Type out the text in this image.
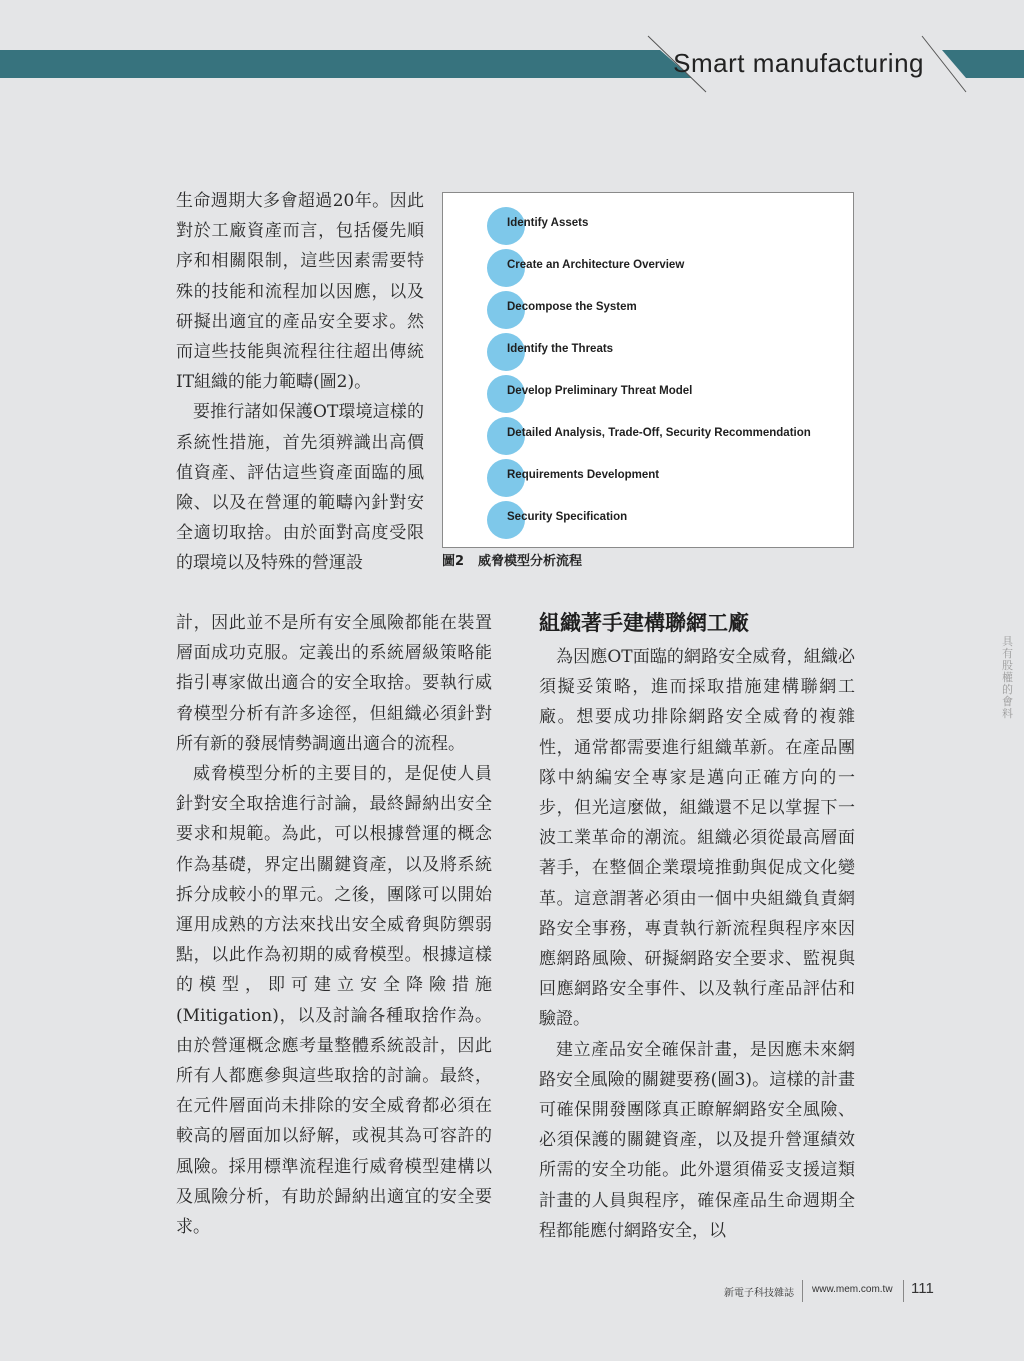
Smart manufacturing

生命週期大多會超過20年。因此對於工廠資產而言，包括優先順序和相關限制，這些因素需要特殊的技能和流程加以因應，以及研擬出適宜的產品安全要求。然而這些技能與流程往往超出傳統IT組織的能力範疇(圖2)。

要推行諸如保護OT環境這樣的系統性措施，首先須辨識出高價值資產、評估這些資產面臨的風險、以及在營運的範疇內針對安全適切取捨。由於面對高度受限的環境以及特殊的營運設

Identify Assets
Create an Architecture Overview
Decompose the System
Identify the Threats
Develop Preliminary Threat Model
Detailed Analysis, Trade-Off, Security Recommendation
Requirements Development
Security Specification
圖2 威脅模型分析流程

計，因此並不是所有安全風險都能在裝置層面成功克服。定義出的系統層級策略能指引專家做出適合的安全取捨。要執行威脅模型分析有許多途徑，但組織必須針對所有新的發展情勢調適出適合的流程。

威脅模型分析的主要目的，是促使人員針對安全取捨進行討論，最終歸納出安全要求和規範。為此，可以根據營運的概念作為基礎，界定出關鍵資產，以及將系統拆分成較小的單元。之後，團隊可以開始運用成熟的方法來找出安全威脅與防禦弱點，以此作為初期的威脅模型。根據這樣的模型，即可建立安全降險措施(Mitigation)，以及討論各種取捨作為。由於營運概念應考量整體系統設計，因此所有人都應參與這些取捨的討論。最終，在元件層面尚未排除的安全威脅都必須在較高的層面加以紓解，或視其為可容許的風險。採用標準流程進行威脅模型建構以及風險分析，有助於歸納出適宜的安全要求。

組織著手建構聯網工廠

為因應OT面臨的網路安全威脅，組織必須擬妥策略，進而採取措施建構聯網工廠。想要成功排除網路安全威脅的複雜性，通常都需要進行組織革新。在產品團隊中納編安全專家是邁向正確方向的一步，但光這麼做，組織還不足以掌握下一波工業革命的潮流。組織必須從最高層面著手，在整個企業環境推動與促成文化變革。這意謂著必須由一個中央組織負責網路安全事務，專責執行新流程與程序來因應網路風險、研擬網路安全要求、監視與回應網路安全事件、以及執行產品評估和驗證。

建立產品安全確保計畫，是因應未來網路安全風險的關鍵要務(圖3)。這樣的計畫可確保開發團隊真正瞭解網路安全風險、必須保護的關鍵資產，以及提升營運績效所需的安全功能。此外還須備妥支援這類計畫的人員與程序，確保產品生命週期全程都能應付網路安全，以

具有股權的會料
新電子科技雜誌 www.mem.com.tw 111
